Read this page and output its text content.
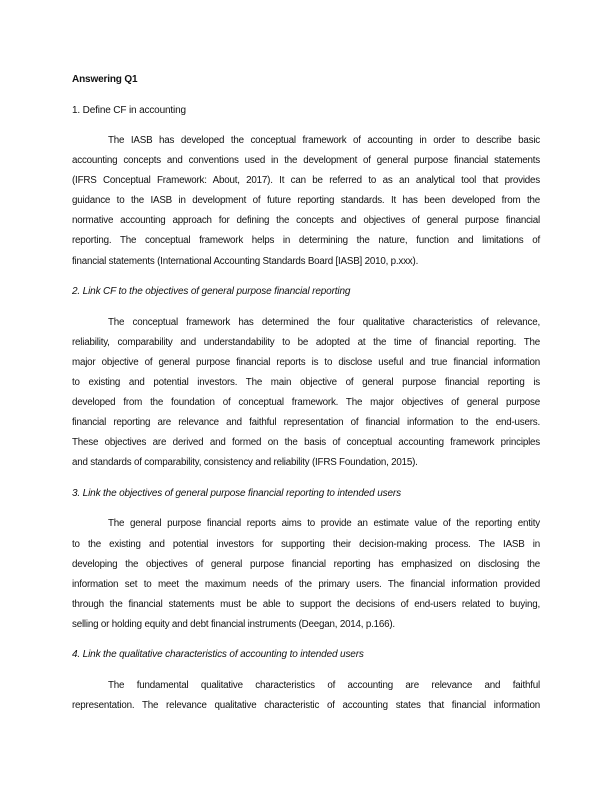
Answering Q1
1. Define CF in accounting
The IASB has developed the conceptual framework of accounting in order to describe basic
accounting concepts and conventions used in the development of general purpose financial statements
(IFRS Conceptual Framework: About, 2017). It can be referred to as an analytical tool that provides
guidance to the IASB in development of future reporting standards. It has been developed from the
normative accounting approach for defining the concepts and objectives of general purpose financial
reporting. The conceptual framework helps in determining the nature, function and limitations of
financial statements (International Accounting Standards Board [IASB] 2010, p.xxx).
2. Link CF to the objectives of general purpose financial reporting
The conceptual framework has determined the four qualitative characteristics of relevance,
reliability, comparability and understandability to be adopted at the time of financial reporting. The
major objective of general purpose financial reports is to disclose useful and true financial information
to existing and potential investors. The main objective of general purpose financial reporting is
developed from the foundation of conceptual framework. The major objectives of general purpose
financial reporting are relevance and faithful representation of financial information to the end-users.
These objectives are derived and formed on the basis of conceptual accounting framework principles
and standards of comparability, consistency and reliability (IFRS Foundation, 2015).
3. Link the objectives of general purpose financial reporting to intended users
The general purpose financial reports aims to provide an estimate value of the reporting entity
to the existing and potential investors for supporting their decision-making process. The IASB in
developing the objectives of general purpose financial reporting has emphasized on disclosing the
information set to meet the maximum needs of the primary users. The financial information provided
through the financial statements must be able to support the decisions of end-users related to buying,
selling or holding equity and debt financial instruments (Deegan, 2014, p.166).
4. Link the qualitative characteristics of accounting to intended users
The fundamental qualitative characteristics of accounting are relevance and faithful
representation. The relevance qualitative characteristic of accounting states that financial information
